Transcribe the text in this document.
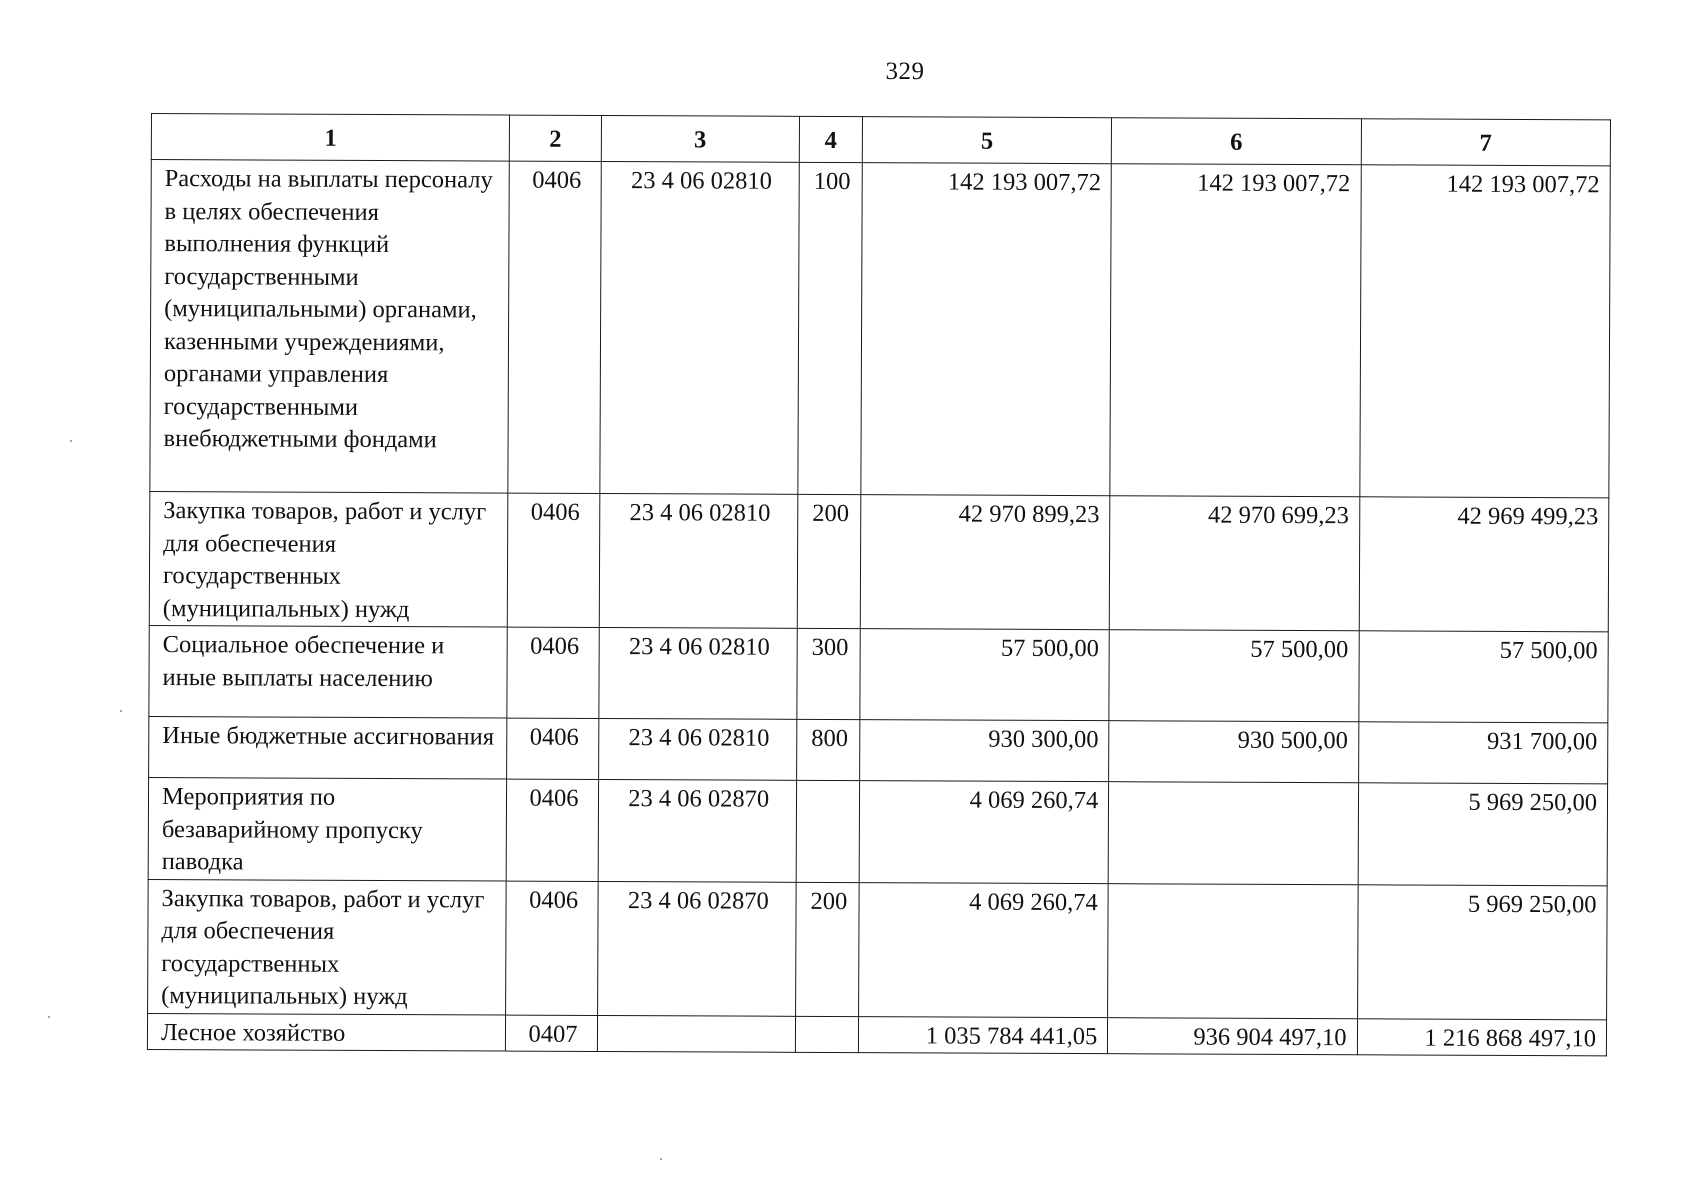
329
1	2	3	4	5	6	7
Расходы на выплаты персоналу в целях обеспечения выполнения функций государственными (муниципальными) органами, казенными учреждениями, органами управления государственными внебюджетными фондами	0406	23 4 06 02810	100	142 193 007,72	142 193 007,72	142 193 007,72
Закупка товаров, работ и услуг для обеспечения государственных (муниципальных) нужд	0406	23 4 06 02810	200	42 970 899,23	42 970 699,23	42 969 499,23
Социальное обеспечение и иные выплаты населению	0406	23 4 06 02810	300	57 500,00	57 500,00	57 500,00
Иные бюджетные ассигнования	0406	23 4 06 02810	800	930 300,00	930 500,00	931 700,00
Мероприятия по безаварийному пропуску паводка	0406	23 4 06 02870		4 069 260,74		5 969 250,00
Закупка товаров, работ и услуг для обеспечения государственных (муниципальных) нужд	0406	23 4 06 02870	200	4 069 260,74		5 969 250,00
Лесное хозяйство	0407			1 035 784 441,05	936 904 497,10	1 216 868 497,10
